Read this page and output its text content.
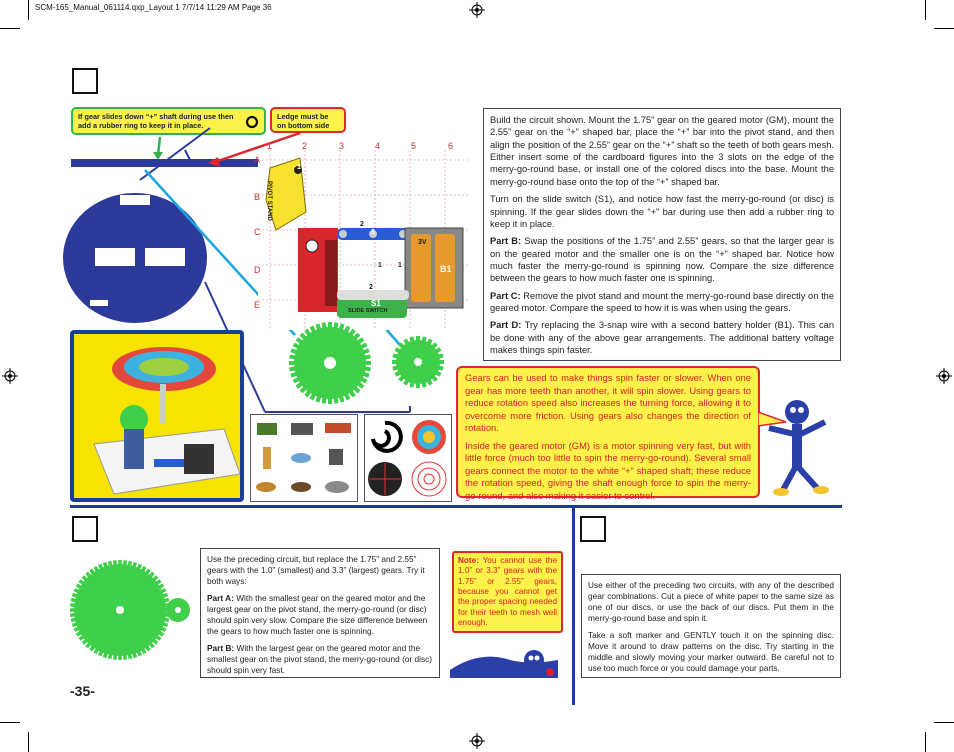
SCM-165_Manual_061114.qxp_Layout 1 7/7/14 11:29 AM Page 36
If gear slides down “+” shaft during use then add a rubber ring to keep it in place.
Ledge must be on bottom side
1	2	3	4	5	6
A
B
C
D
E
PIVOT STAND
1
2
3
1 1
3V
B1
2
S1
SLIDE SWITCH

Build the circuit shown. Mount the 1.75” gear on the geared motor (GM), mount the 2.55” gear on the “+” shaped bar, place the “+” bar into the pivot stand, and then align the position of the 2.55” gear on the “+” shaft so the teeth of both gears mesh. Either insert some of the cardboard figures into the 3 slots on the edge of the merry-go-round base, or install one of the colored discs into the base. Mount the merry-go-round base onto the top of the “+” shaped bar.

Turn on the slide switch (S1), and notice how fast the merry-go-round (or disc) is spinning. If the gear slides down the “+” bar during use then add a rubber ring to keep it in place.

Part B: Swap the positions of the 1.75” and 2.55” gears, so that the larger gear is on the geared motor and the smaller one is on the “+” shaped bar. Notice how much faster the merry-go-round is spinning now. Compare the size difference between the gears to how much faster one is spinning.

Part C: Remove the pivot stand and mount the merry-go-round base directly on the geared motor. Compare the speed to how it is was when using the gears.

Part D: Try replacing the 3-snap wire with a second battery holder (B1). This can be done with any of the above gear arrangements. The additional battery voltage makes things spin faster.

Gears can be used to make things spin faster or slower. When one gear has more teeth than another, it will spin slower. Using gears to reduce rotation speed also increases the turning force, allowing it to overcome more friction. Using gears also changes the direction of rotation.

Inside the geared motor (GM) is a motor spinning very fast, but with little force (much too little to spin the merry-go-round). Several small gears connect the motor to the white “+” shaped shaft; these reduce the rotation speed, giving the shaft enough force to spin the merry-go-round, and also making it easier to control.

Use the preceding circuit, but replace the 1.75” and 2.55” gears with the 1.0” (smallest) and 3.3” (largest) gears. Try it both ways:

Part A: With the smallest gear on the geared motor and the largest gear on the pivot stand, the merry-go-round (or disc) should spin very slow. Compare the size difference between the gears to how much faster one is spinning.

Part B: With the largest gear on the geared motor and the smallest gear on the pivot stand, the merry-go-round (or disc) should spin very fast.

Note: You cannot use the 1.0” or 3.3” gears with the 1.75” or 2.55” gears, because you cannot get the proper spacing needed for their teeth to mesh well enough.

Use either of the preceding two circuits, with any of the described gear combinations. Cut a piece of white paper to the same size as one of our discs, or use the back of our discs. Put them in the merry-go-round base and spin it.

Take a soft marker and GENTLY touch it on the spinning disc. Move it around to draw patterns on the disc. Try starting in the middle and slowly moving your marker outward. Be careful not to use too much force or you could damage your parts.

-35-
